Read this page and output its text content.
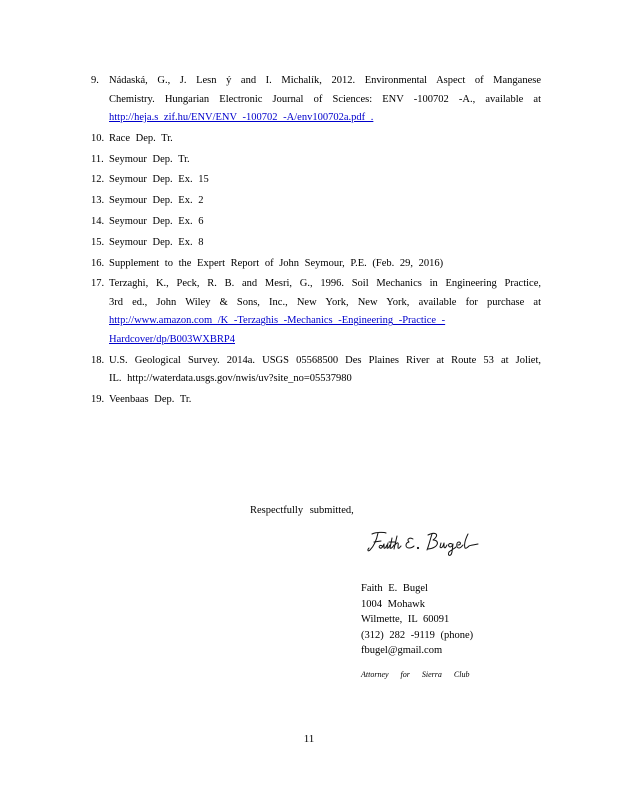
9. Nádaská, G., J. Lesn ý and I. Michalík, 2012. Environmental Aspect of Manganese
Chemistry. Hungarian Electronic Journal of Sciences: ENV -100702 -A., available at
http://heja.s zif.hu/ENV/ENV -100702 -A/env100702a.pdf .
10. Race Dep. Tr.
11. Seymour Dep. Tr.
12. Seymour Dep. Ex. 15
13. Seymour Dep. Ex. 2
14. Seymour Dep. Ex. 6
15. Seymour Dep. Ex. 8
16. Supplement to the Expert Report of John Seymour, P.E. (Feb. 29, 2016)
17. Terzaghi, K., Peck, R. B. and Mesri, G., 1996. Soil Mechanics in Engineering Practice,
3rd ed., John Wiley & Sons, Inc., New York, New York, available for purchase at
http://www.amazon.com /K -Terzaghis -Mechanics -Engineering -Practice -
Hardcover/dp/B003WXBRP4
18. U.S. Geological Survey. 2014a. USGS 05568500 Des Plaines River at Route 53 at Joliet,
IL. http://waterdata.usgs.gov/nwis/uv?site_no=05537980
19. Veenbaas Dep. Tr.
Respectfully submitted,
Faith E. Bugel
1004 Mohawk
Wilmette, IL 60091
(312) 282 -9119 (phone)
fbugel@gmail.com
Attorney for Sierra Club
11
